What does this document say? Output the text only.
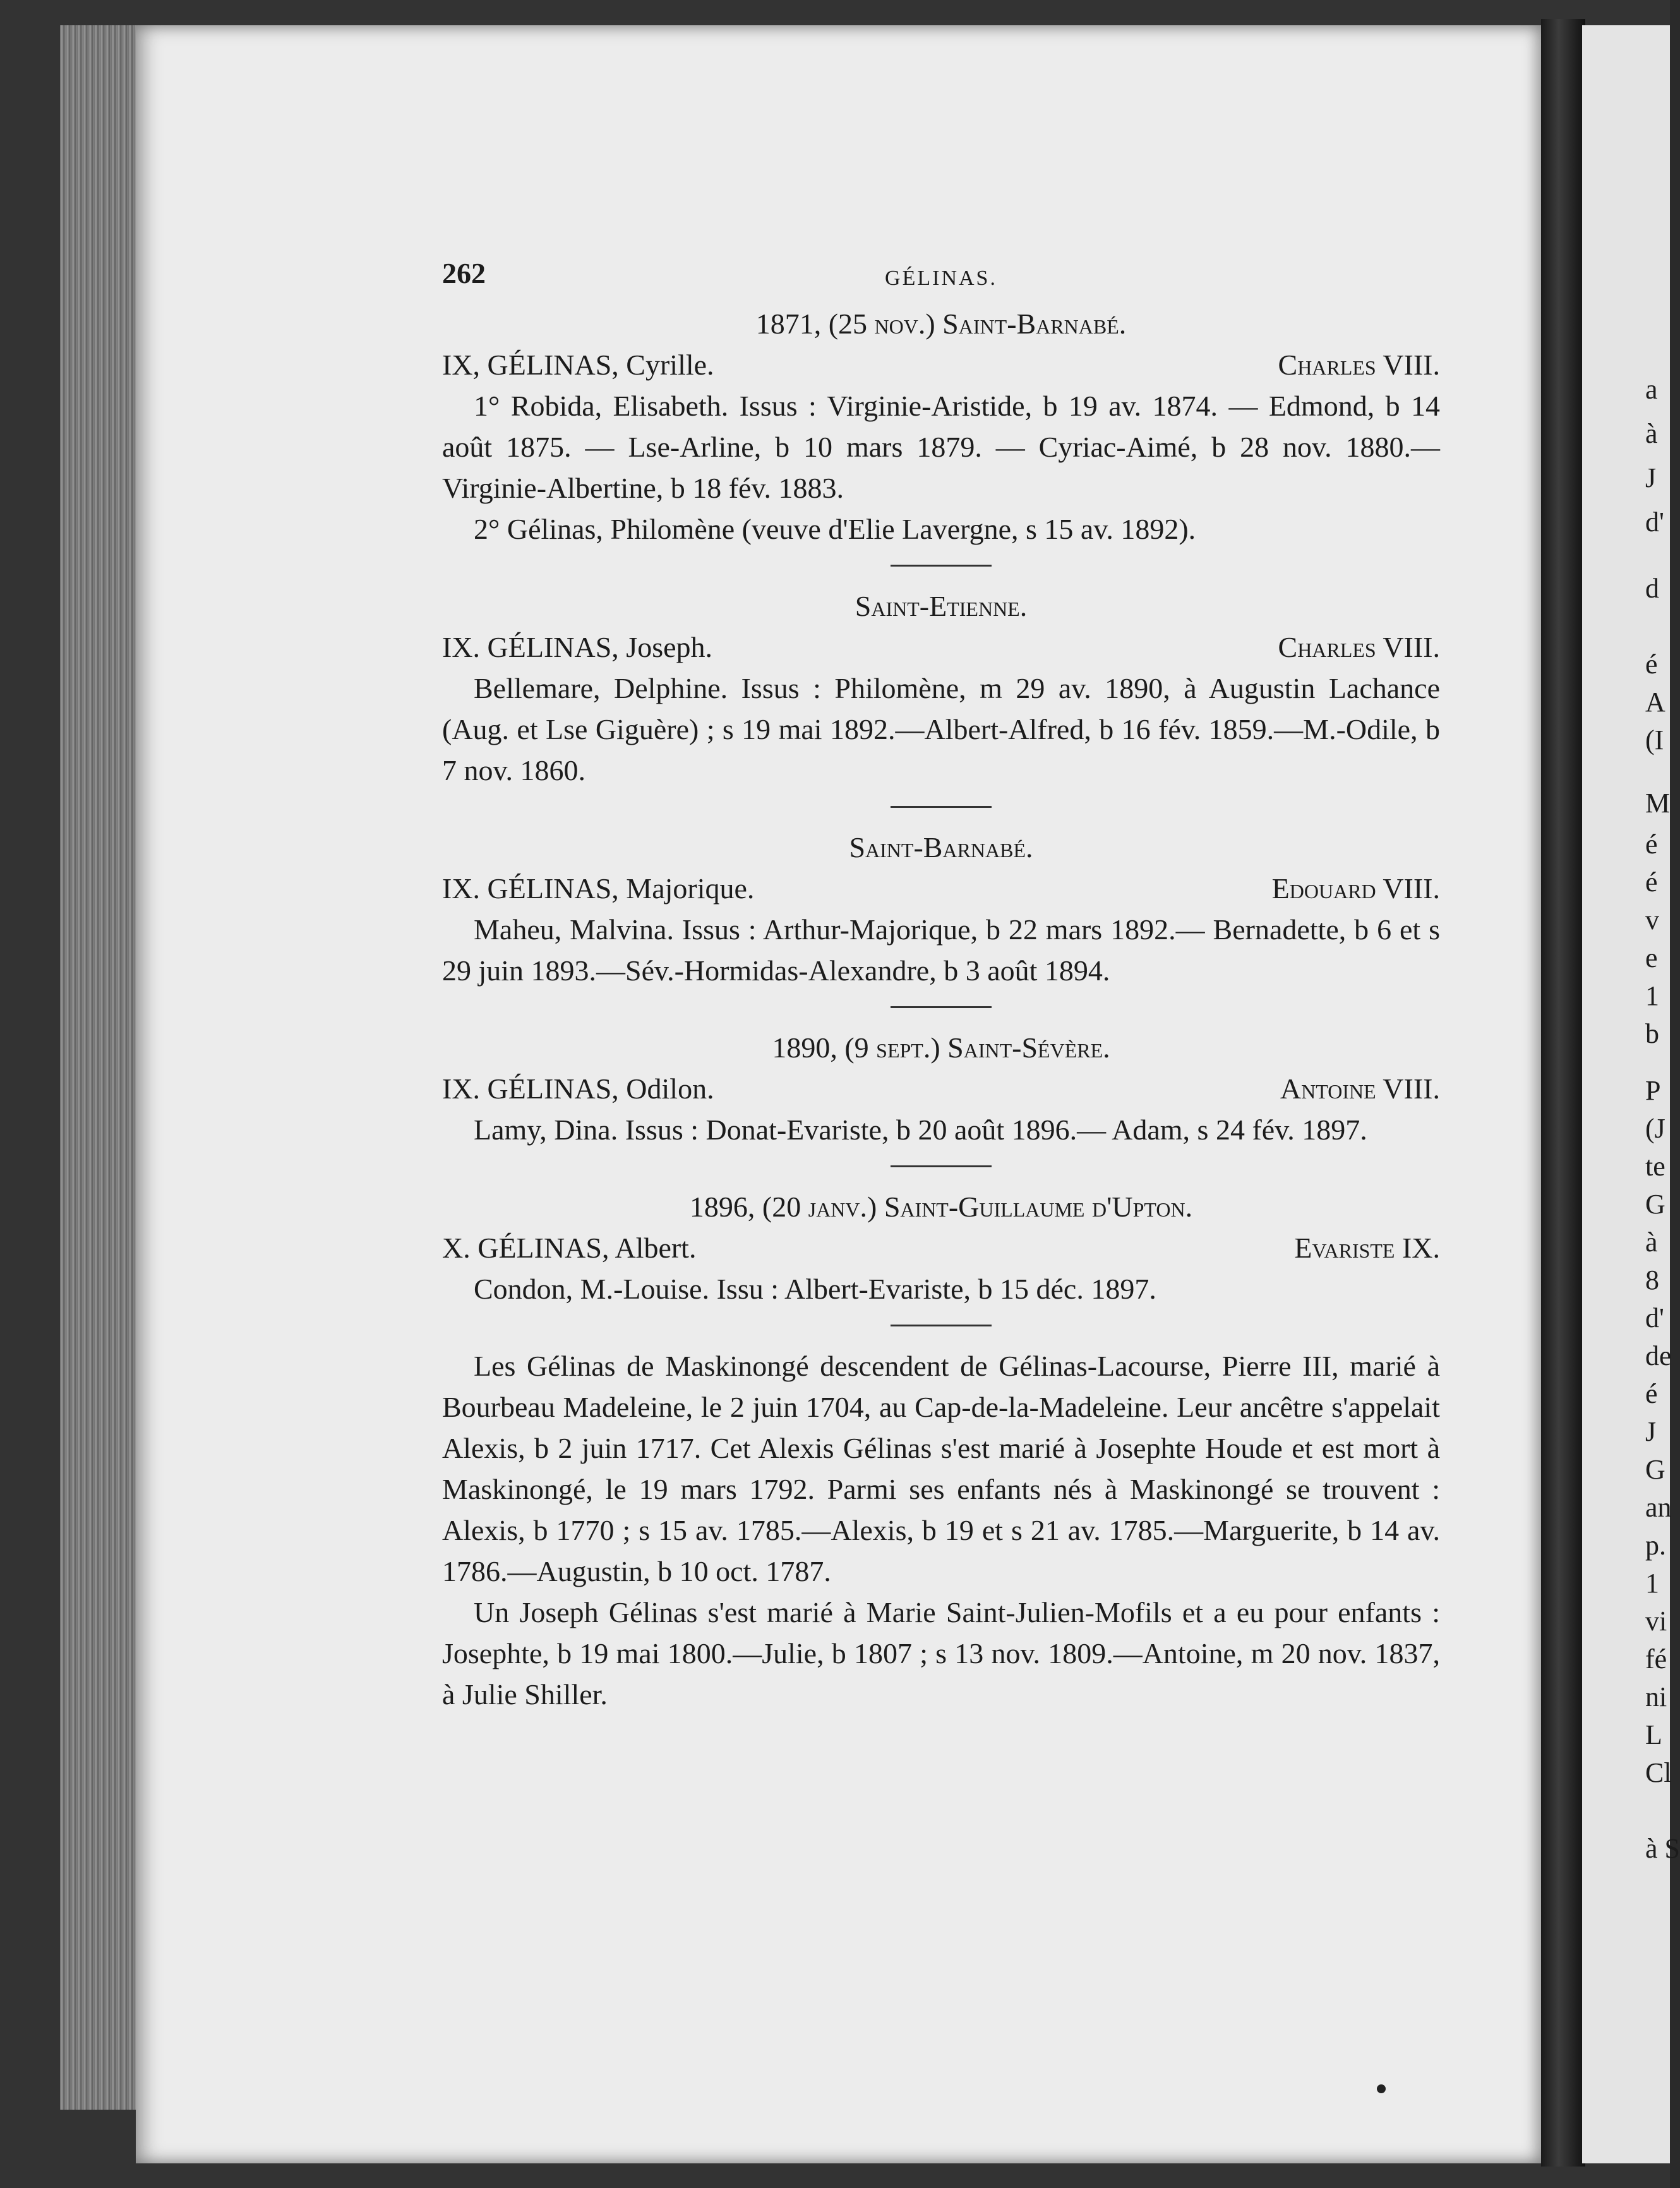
a
à
J
d'
d
é
A
(I
M
é
é
v
e
1
b
P
(J
te
G
à
8
d'
de
é
J
G
an
p.
1
vi
fé
ni
L
Cl
à S
262	GÉLINAS.
1871, (25 nov.) Saint-Barnabé.
IX, GÉLINAS, Cyrille.	Charles VIII.
1° Robida, Elisabeth. Issus : Virginie-Aristide, b 19 av. 1874. — Edmond, b 14 août 1875. — Lse-Arline, b 10 mars 1879. — Cyriac-Aimé, b 28 nov. 1880.— Virginie-Albertine, b 18 fév. 1883.
2° Gélinas, Philomène (veuve d'Elie Lavergne, s 15 av. 1892).
Saint-Etienne.
IX. GÉLINAS, Joseph.	Charles VIII.
Bellemare, Delphine. Issus : Philomène, m 29 av. 1890, à Augustin Lachance (Aug. et Lse Giguère) ; s 19 mai 1892.—Albert-Alfred, b 16 fév. 1859.—M.-Odile, b 7 nov. 1860.
Saint-Barnabé.
IX. GÉLINAS, Majorique.	Edouard VIII.
Maheu, Malvina. Issus : Arthur-Majorique, b 22 mars 1892.— Bernadette, b 6 et s 29 juin 1893.—Sév.-Hormidas-Alexandre, b 3 août 1894.
1890, (9 sept.) Saint-Sévère.
IX. GÉLINAS, Odilon.	Antoine VIII.
Lamy, Dina. Issus : Donat-Evariste, b 20 août 1896.— Adam, s 24 fév. 1897.
1896, (20 janv.) Saint-Guillaume d'Upton.
X. GÉLINAS, Albert.	Evariste IX.
Condon, M.-Louise. Issu : Albert-Evariste, b 15 déc. 1897.
Les Gélinas de Maskinongé descendent de Gélinas-Lacourse, Pierre III, marié à Bourbeau Madeleine, le 2 juin 1704, au Cap-de-la-Madeleine. Leur ancêtre s'appelait Alexis, b 2 juin 1717. Cet Alexis Gélinas s'est marié à Josephte Houde et est mort à Maskinongé, le 19 mars 1792. Parmi ses enfants nés à Maskinongé se trouvent : Alexis, b 1770 ; s 15 av. 1785.—Alexis, b 19 et s 21 av. 1785.—Marguerite, b 14 av. 1786.—Augustin, b 10 oct. 1787.
Un Joseph Gélinas s'est marié à Marie Saint-Julien-Mofils et a eu pour enfants : Josephte, b 19 mai 1800.—Julie, b 1807 ; s 13 nov. 1809.—Antoine, m 20 nov. 1837, à Julie Shiller.
